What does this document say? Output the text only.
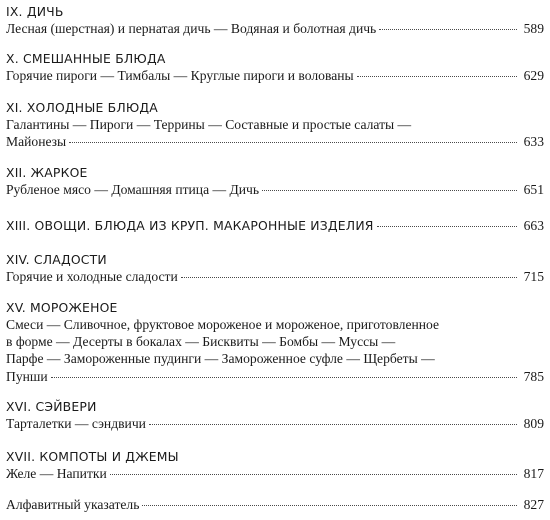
IX. ДИЧЬ
Лесная (шерстная) и пернатая дичь — Водяная и болотная дичь	589
X. СМЕШАННЫЕ БЛЮДА
Горячие пироги — Тимбалы — Круглые пироги и волованы	629
XI. ХОЛОДНЫЕ БЛЮДА
Галантины — Пироги — Террины — Составные и простые салаты —
Майонезы	633
XII. ЖАРКОЕ
Рубленое мясо — Домашняя птица — Дичь	651
XIII. ОВОЩИ. БЛЮДА ИЗ КРУП. МАКАРОННЫЕ ИЗДЕЛИЯ	663
XIV. СЛАДОСТИ
Горячие и холодные сладости	715
XV. МОРОЖЕНОЕ
Смеси — Сливочное, фруктовое мороженое и мороженое, приготовленное
в форме — Десерты в бокалах — Бисквиты — Бомбы — Муссы —
Парфе — Замороженные пудинги — Замороженное суфле — Щербеты —
Пунши	785
XVI. СЭЙВЕРИ
Тарталетки — сэндвичи	809
XVII. КОМПОТЫ И ДЖЕМЫ
Желе — Напитки	817
Алфавитный указатель	827
